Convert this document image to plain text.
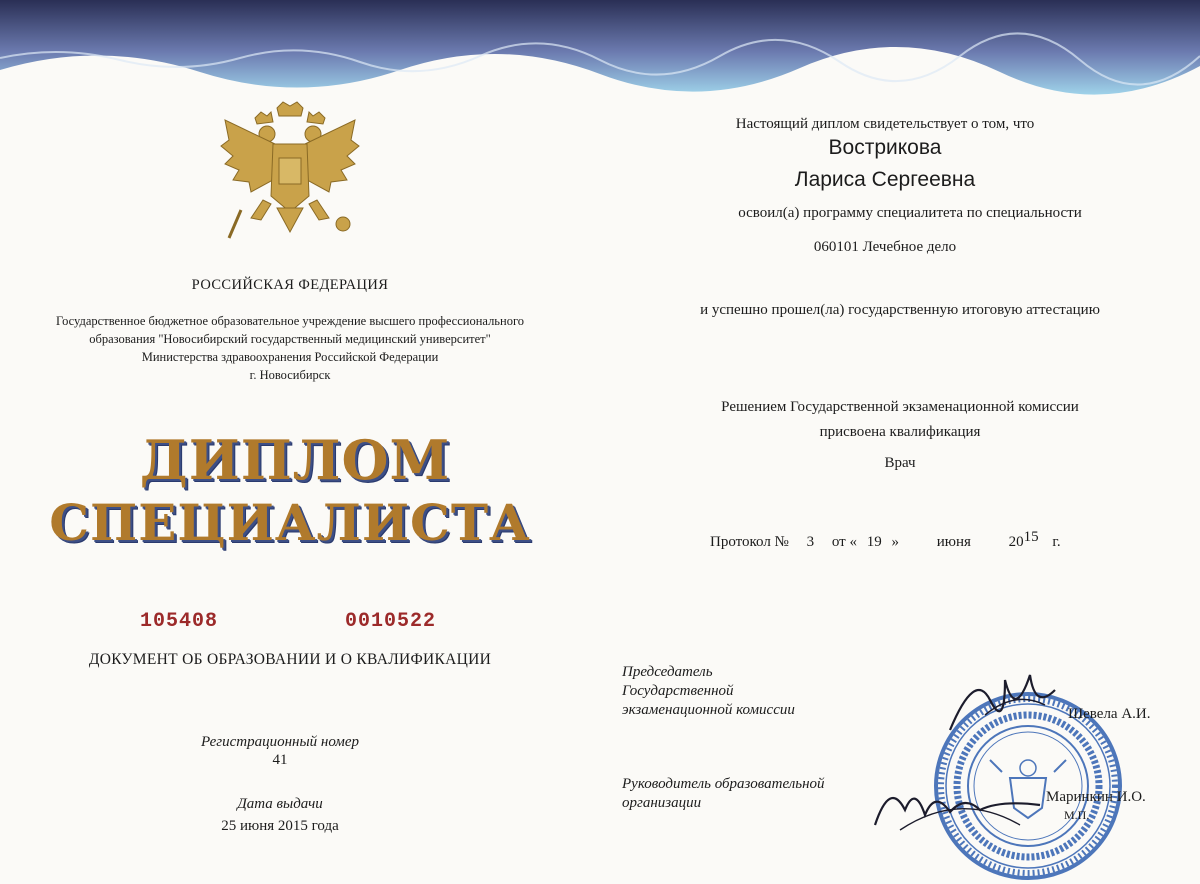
РОССИЙСКАЯ ФЕДЕРАЦИЯ
Государственное бюджетное образовательное учреждение высшего профессионального
образования "Новосибирский государственный медицинский университет"
Министерства здравоохранения Российской Федерации
г. Новосибирск
ДИПЛОМ
СПЕЦИАЛИСТА
105408	0010522
ДОКУМЕНТ ОБ ОБРАЗОВАНИИ И О КВАЛИФИКАЦИИ
Регистрационный номер
41
Дата выдачи
25 июня 2015 года
Настоящий диплом свидетельствует о том, что
Вострикова
Лариса Сергеевна
освоил(а) программу специалитета по специальности
060101 Лечебное дело
и успешно прошел(ла) государственную итоговую аттестацию
Решением Государственной экзаменационной комиссии
присвоена квалификация
Врач
Протокол № 3 от « 19 »	июня	2015 г.
Председатель
Государственной
экзаменационной комиссии
Руководитель образовательной
организации
Шевела А.И.
Маринкин И.О.
М.П.
